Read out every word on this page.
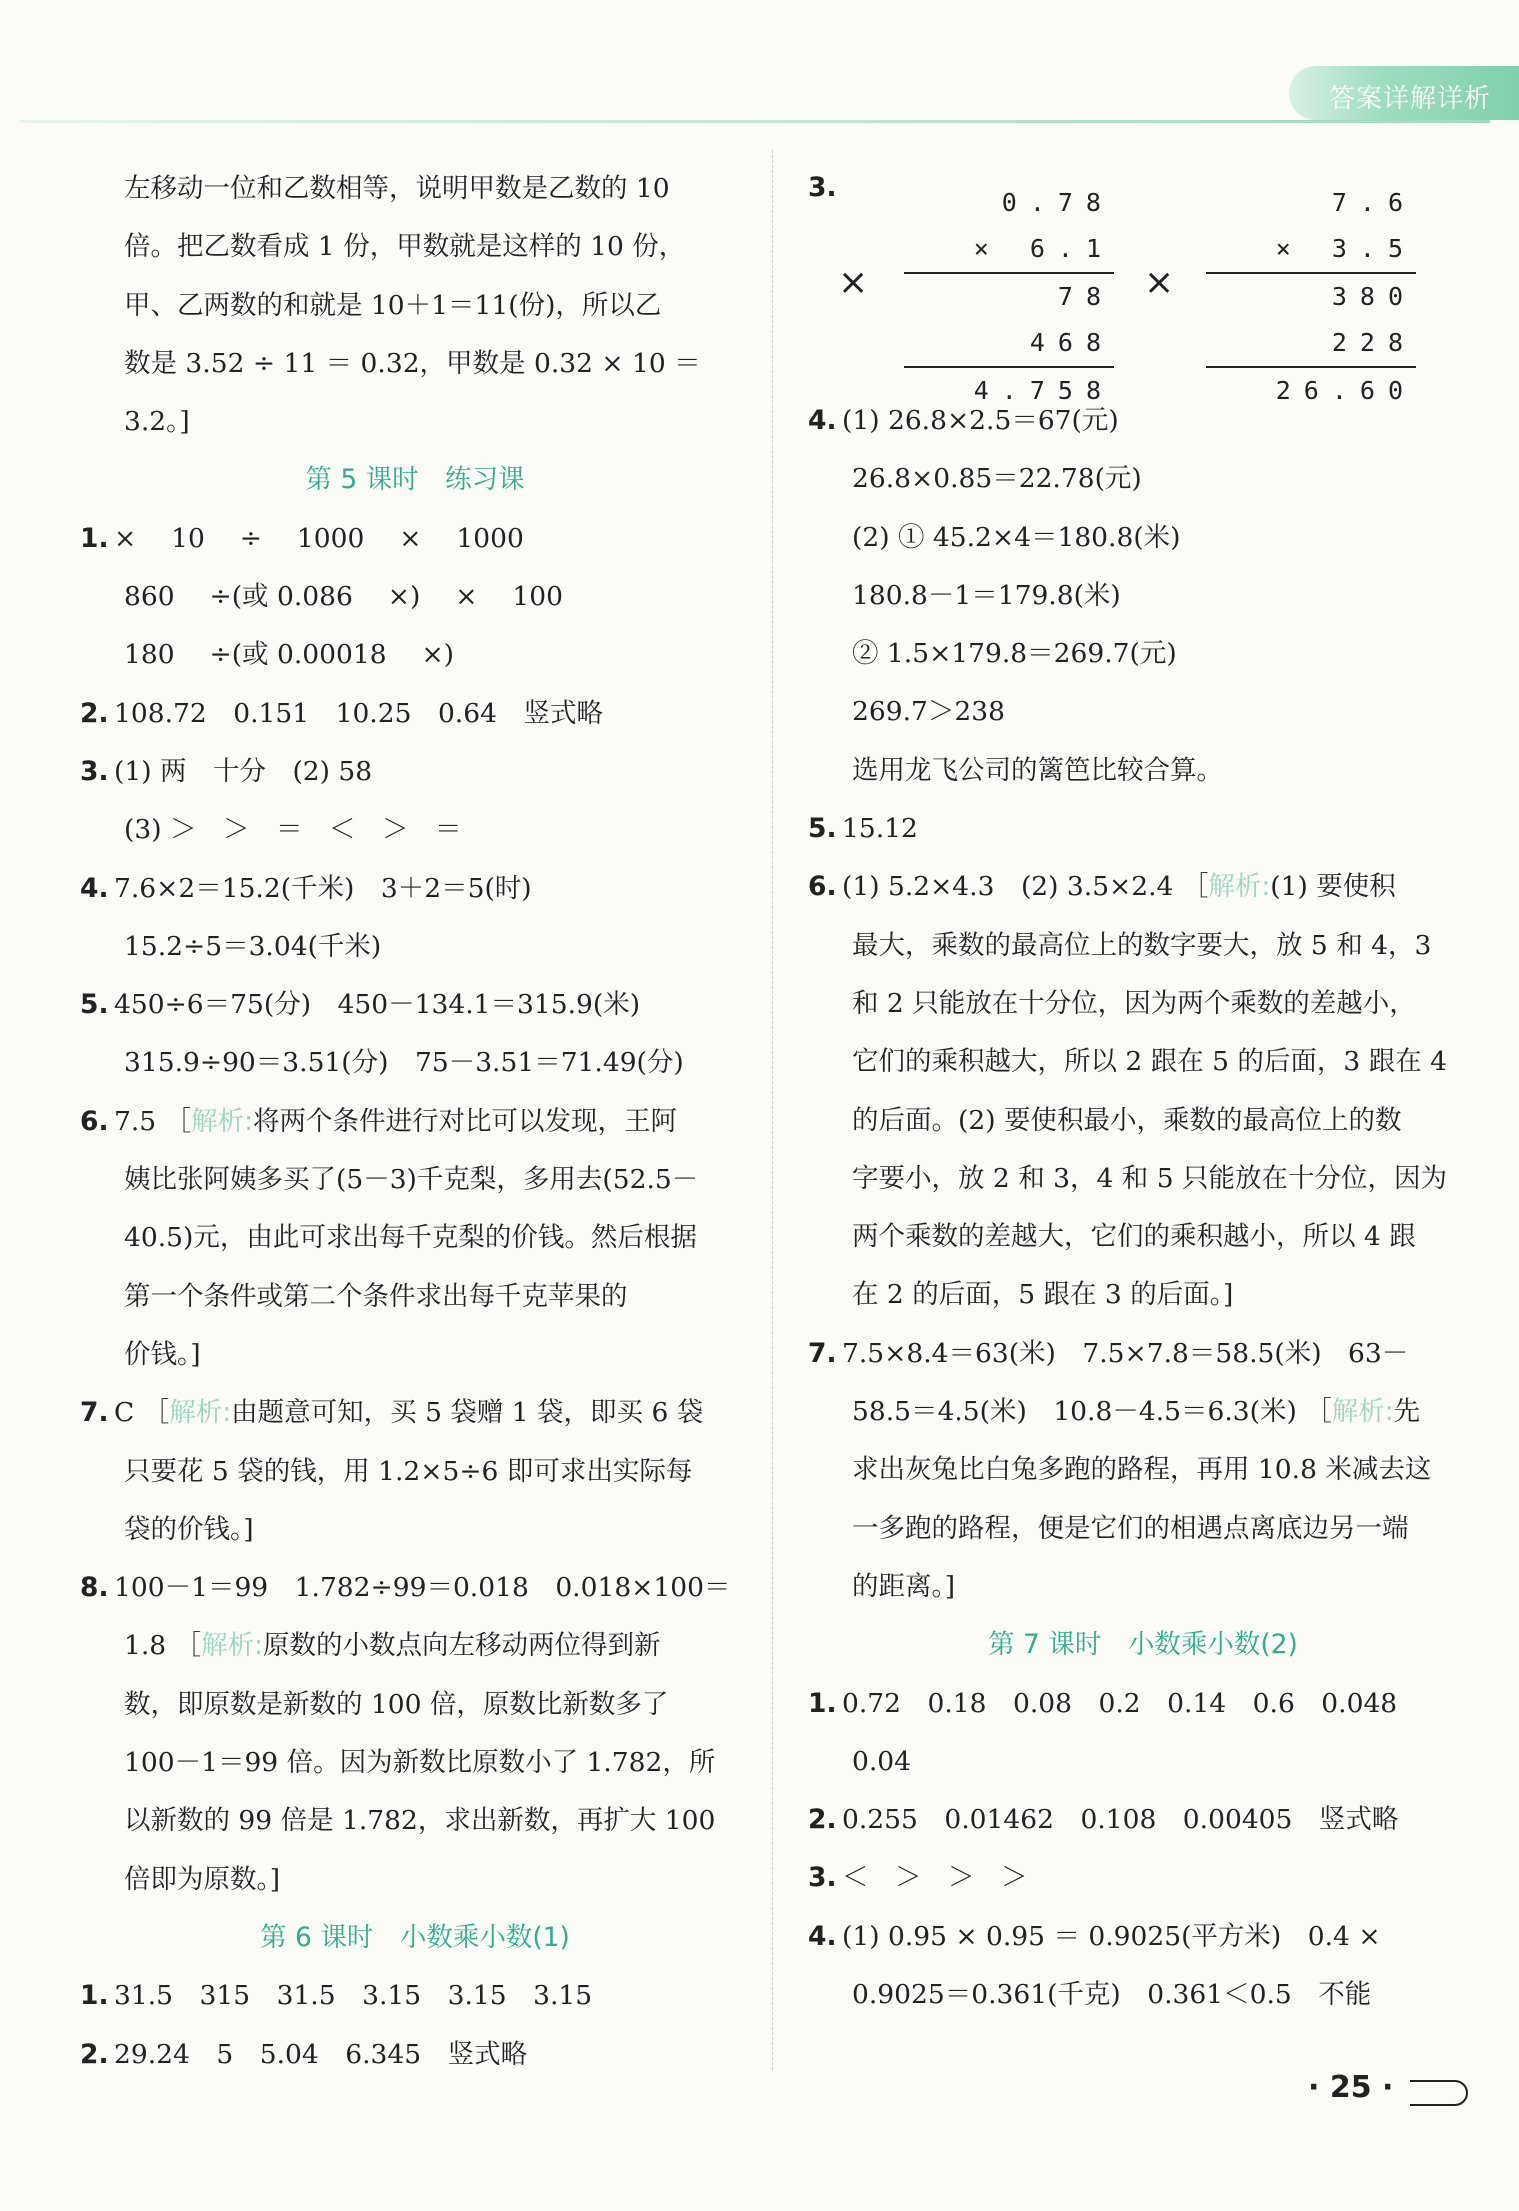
答案详解详析
左移动一位和乙数相等，说明甲数是乙数的 10
倍。把乙数看成 1 份，甲数就是这样的 10 份，
甲、乙两数的和就是 10＋1＝11(份)，所以乙
数是 3.52 ÷ 11 ＝ 0.32，甲数是 0.32 × 10 ＝
3.2。]
第 5 课时　练习课
1. ×　 10　 ÷　 1000　 ×　 1000
860　 ÷(或 0.086　 ×)　 ×　 100
180　 ÷(或 0.00018　 ×)
2. 108.72　0.151　10.25　0.64　竖式略
3. (1) 两　十分　(2) 58
(3) ＞　＞　＝　＜　＞　＝
4. 7.6×2＝15.2(千米)　3＋2＝5(时)
15.2÷5＝3.04(千米)
5. 450÷6＝75(分)　450－134.1＝315.9(米)
315.9÷90＝3.51(分)　75－3.51＝71.49(分)
6. 7.5 ［解析:将两个条件进行对比可以发现，王阿
姨比张阿姨多买了(5－3)千克梨，多用去(52.5－
40.5)元，由此可求出每千克梨的价钱。然后根据
第一个条件或第二个条件求出每千克苹果的
价钱。]
7. C ［解析:由题意可知，买 5 袋赠 1 袋，即买 6 袋
只要花 5 袋的钱，用 1.2×5÷6 即可求出实际每
袋的价钱。]
8. 100－1＝99　1.782÷99＝0.018　0.018×100＝
1.8 ［解析:原数的小数点向左移动两位得到新
数，即原数是新数的 100 倍，原数比新数多了
100－1＝99 倍。因为新数比原数小了 1.782，所
以新数的 99 倍是 1.782，求出新数，再扩大 100
倍即为原数。]
第 6 课时　小数乘小数(1)
1. 31.5　315　31.5　3.15　3.15　3.15
2. 29.24　5　5.04　6.345　竖式略
3.
×
0.78
× 6.1
78
468
4.758
×
7.6
× 3.5
380
228
26.60
4. (1) 26.8×2.5＝67(元)
26.8×0.85＝22.78(元)
(2) ① 45.2×4＝180.8(米)
180.8－1＝179.8(米)
② 1.5×179.8＝269.7(元)
269.7＞238
选用龙飞公司的篱笆比较合算。
5. 15.12
6. (1) 5.2×4.3　(2) 3.5×2.4 ［解析:(1) 要使积
最大，乘数的最高位上的数字要大，放 5 和 4，3
和 2 只能放在十分位，因为两个乘数的差越小，
它们的乘积越大，所以 2 跟在 5 的后面，3 跟在 4
的后面。(2) 要使积最小，乘数的最高位上的数
字要小，放 2 和 3，4 和 5 只能放在十分位，因为
两个乘数的差越大，它们的乘积越小，所以 4 跟
在 2 的后面，5 跟在 3 的后面。]
7. 7.5×8.4＝63(米)　7.5×7.8＝58.5(米)　63－
58.5＝4.5(米)　10.8－4.5＝6.3(米) ［解析:先
求出灰兔比白兔多跑的路程，再用 10.8 米减去这
一多跑的路程，便是它们的相遇点离底边另一端
的距离。]
第 7 课时　小数乘小数(2)
1. 0.72　0.18　0.08　0.2　0.14　0.6　0.048
0.04
2. 0.255　0.01462　0.108　0.00405　竖式略
3. ＜　＞　＞　＞
4. (1) 0.95 × 0.95 ＝ 0.9025(平方米)　0.4 ×
0.9025＝0.361(千克)　0.361＜0.5　不能
· 25 ·
